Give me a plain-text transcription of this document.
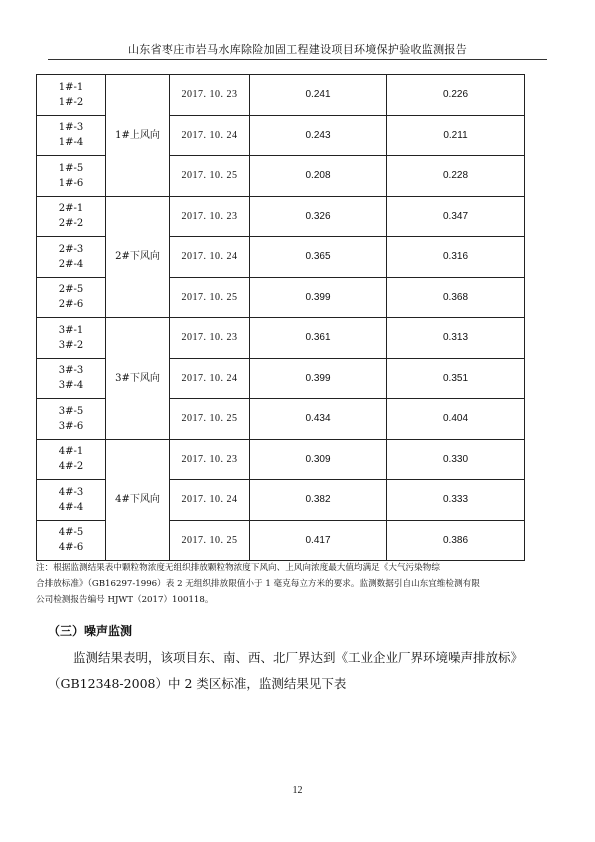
山东省枣庄市岩马水库除险加固工程建设项目环境保护验收监测报告
1#-1
1#-2	1#上风向	2017. 10. 23	0.241	0.226

1#-3
1#-4		2017. 10. 24	0.243	0.211

1#-5
1#-6		2017. 10. 25	0.208	0.228

2#-1
2#-2	2#下风向	2017. 10. 23	0.326	0.347

2#-3
2#-4		2017. 10. 24	0.365	0.316

2#-5
2#-6		2017. 10. 25	0.399	0.368

3#-1
3#-2	3#下风向	2017. 10. 23	0.361	0.313

3#-3
3#-4		2017. 10. 24	0.399	0.351

3#-5
3#-6		2017. 10. 25	0.434	0.404

4#-1
4#-2	4#下风向	2017. 10. 23	0.309	0.330

4#-3
4#-4		2017. 10. 24	0.382	0.333

4#-5
4#-6		2017. 10. 25	0.417	0.386

注：根据监测结果表中颗粒物浓度无组织排放颗粒物浓度下风向、上风向浓度最大值均满足《大气污染物综

合排放标准》（GB16297-1996）表 2 无组织排放限值小于 1 毫克每立方米的要求。监测数据引自山东宜维检测有限

公司检测报告编号 HJWT（2017）100118。

（三）噪声监测

监测结果表明，该项目东、南、西、北厂界达到《工业企业厂界环境噪声排放标》

（GB12348-2008）中 2 类区标准，监测结果见下表

12
